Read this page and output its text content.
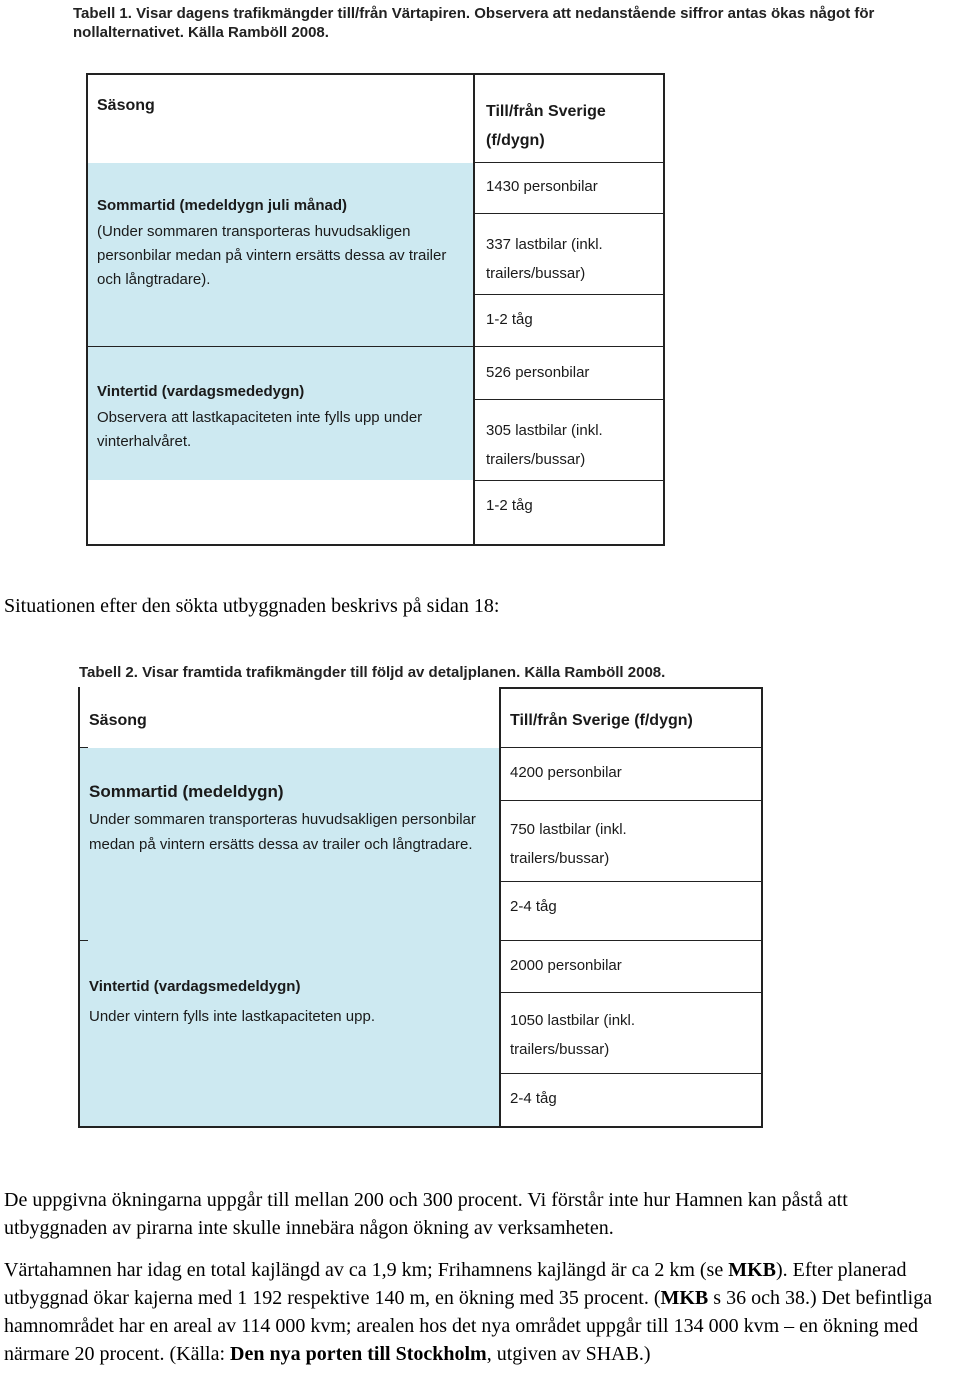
Tabell 1. Visar dagens trafikmängder till/från Värtapiren. Observera att nedanstående siffror antas ökas något för nollalternativet. Källa Ramböll 2008.
Säsong	Till/från Sverige (f/dygn)
Sommartid (medeldygn juli månad)
(Under sommaren transporteras huvudsakligen personbilar medan på vintern ersätts dessa av trailer och långtradare).
1430 personbilar
337 lastbilar (inkl. trailers/bussar)
1-2 tåg
Vintertid (vardagsmededygn)
Observera att lastkapaciteten inte fylls upp under vinterhalvåret.
526 personbilar
305 lastbilar (inkl. trailers/bussar)
1-2 tåg
Situationen efter den sökta utbyggnaden beskrivs på sidan 18:
Tabell 2. Visar framtida trafikmängder till följd av detaljplanen. Källa Ramböll 2008.
Säsong	Till/från Sverige (f/dygn)
Sommartid (medeldygn)
Under sommaren transporteras huvudsakligen personbilar medan på vintern ersätts dessa av trailer och långtradare.
4200 personbilar
750 lastbilar (inkl. trailers/bussar)
2-4 tåg
Vintertid (vardagsmedeldygn)
Under vintern fylls inte lastkapaciteten upp.
2000 personbilar
1050 lastbilar (inkl. trailers/bussar)
2-4 tåg
De uppgivna ökningarna uppgår till mellan 200 och 300 procent. Vi förstår inte hur Hamnen kan påstå att utbyggnaden av pirarna inte skulle innebära någon ökning av verksamheten.
Värtahamnen har idag en total kajlängd av ca 1,9 km; Frihamnens kajlängd är ca 2 km (se MKB). Efter planerad utbyggnad ökar kajerna med 1 192 respektive 140 m, en ökning med 35 procent. (MKB s 36 och 38.) Det befintliga hamnområdet har en areal av 114 000 kvm; arealen hos det nya området uppgår till 134 000 kvm – en ökning med närmare 20 procent. (Källa: Den nya porten till Stockholm, utgiven av SHAB.)
